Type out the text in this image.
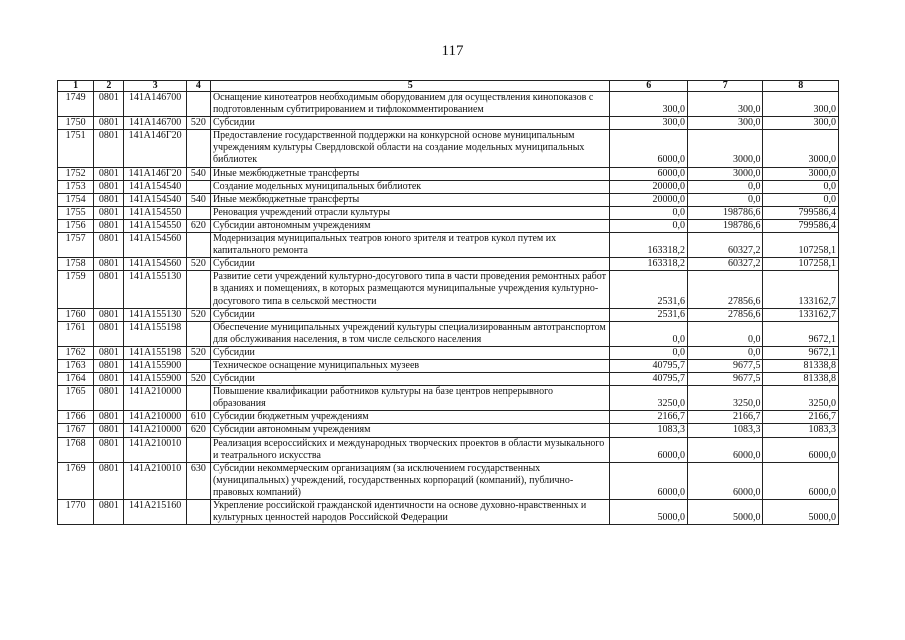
117
1	2	3	4	5	6	7	8
1749	0801	141A146700		Оснащение кинотеатров необходимым оборудованием для осуществления кинопоказов с подготовленным субтитрированием и тифлокомментированием	300,0	300,0	300,0
1750	0801	141A146700	520	Субсидии	300,0	300,0	300,0
1751	0801	141A146Г20		Предоставление государственной поддержки на конкурсной основе муниципальным учреждениям культуры Свердловской области на создание модельных муниципальных библиотек	6000,0	3000,0	3000,0
1752	0801	141A146Г20	540	Иные межбюджетные трансферты	6000,0	3000,0	3000,0
1753	0801	141A154540		Создание модельных муниципальных библиотек	20000,0	0,0	0,0
1754	0801	141A154540	540	Иные межбюджетные трансферты	20000,0	0,0	0,0
1755	0801	141A154550		Реновация учреждений отрасли культуры	0,0	198786,6	799586,4
1756	0801	141A154550	620	Субсидии автономным учреждениям	0,0	198786,6	799586,4
1757	0801	141A154560		Модернизация муниципальных театров юного зрителя и театров кукол путем их капитального ремонта	163318,2	60327,2	107258,1
1758	0801	141A154560	520	Субсидии	163318,2	60327,2	107258,1
1759	0801	141A155130		Развитие сети учреждений культурно-досугового типа в части проведения ремонтных работ в зданиях и помещениях, в которых размещаются муниципальные учреждения культурно-досугового типа в сельской местности	2531,6	27856,6	133162,7
1760	0801	141A155130	520	Субсидии	2531,6	27856,6	133162,7
1761	0801	141A155198		Обеспечение муниципальных учреждений культуры специализированным автотранспортом для обслуживания населения, в том числе сельского населения	0,0	0,0	9672,1
1762	0801	141A155198	520	Субсидии	0,0	0,0	9672,1
1763	0801	141A155900		Техническое оснащение муниципальных музеев	40795,7	9677,5	81338,8
1764	0801	141A155900	520	Субсидии	40795,7	9677,5	81338,8
1765	0801	141A210000		Повышение квалификации работников культуры на базе центров непрерывного образования	3250,0	3250,0	3250,0
1766	0801	141A210000	610	Субсидии бюджетным учреждениям	2166,7	2166,7	2166,7
1767	0801	141A210000	620	Субсидии автономным учреждениям	1083,3	1083,3	1083,3
1768	0801	141A210010		Реализация всероссийских и международных творческих проектов в области музыкального и театрального искусства	6000,0	6000,0	6000,0
1769	0801	141A210010	630	Субсидии некоммерческим организациям (за исключением государственных (муниципальных) учреждений, государственных корпораций (компаний), публично-правовых компаний)	6000,0	6000,0	6000,0
1770	0801	141A215160		Укрепление российской гражданской идентичности на основе духовно-нравственных и культурных ценностей народов Российской Федерации	5000,0	5000,0	5000,0
